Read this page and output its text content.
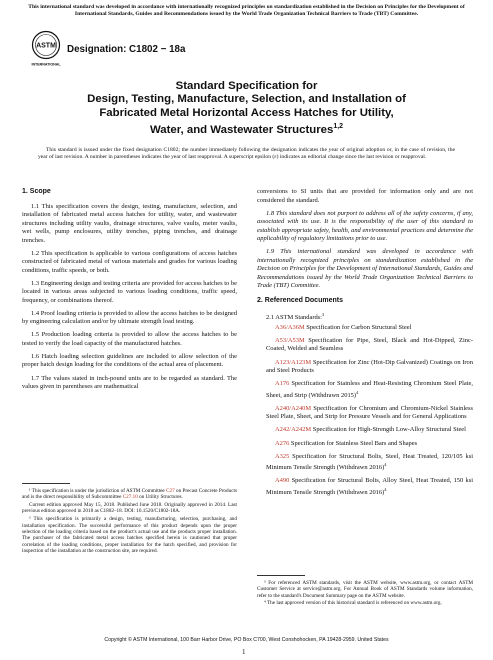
This international standard was developed in accordance with internationally recognized principles on standardization established in the Decision on Principles for the Development of International Standards, Guides and Recommendations issued by the World Trade Organization Technical Barriers to Trade (TBT) Committee.
ASTM
INTERNATIONAL
Designation: C1802 − 18a
Standard Specification for
Design, Testing, Manufacture, Selection, and Installation of
Fabricated Metal Horizontal Access Hatches for Utility,
Water, and Wastewater Structures$^{1,2}$
This standard is issued under the fixed designation C1802; the number immediately following the designation indicates the year of original adoption or, in the case of revision, the year of last revision. A number in parentheses indicates the year of last reapproval. A superscript epsilon (ε) indicates an editorial change since the last revision or reapproval.

1. Scope

1.1 This specification covers the design, testing, manufacture, selection, and installation of fabricated metal access hatches for utility, water, and wastewater structures including utility vaults, drainage structures, valve vaults, meter vaults, wet wells, pump enclosures, utility trenches, piping trenches, and drainage trenches.

1.2 This specification is applicable to various configurations of access hatches constructed of fabricated metal of various materials and grades for various loading conditions, traffic speeds, or both.

1.3 Engineering design and testing criteria are provided for access hatches to be located in various areas subjected to various loading conditions, traffic speed, frequency, or combinations thereof.

1.4 Proof loading criteria is provided to allow the access hatches to be designed by engineering calculation and/or by ultimate strength load testing.

1.5 Production loading criteria is provided to allow the access hatches to be tested to verify the load capacity of the manufactured hatches.

1.6 Hatch loading selection guidelines are included to allow selection of the proper hatch design loading for the conditions of the actual area of placement.

1.7 The values stated in inch-pound units are to be regarded as standard. The values given in parentheses are mathematical

conversions to SI units that are provided for information only and are not considered the standard.

1.8 This standard does not purport to address all of the safety concerns, if any, associated with its use. It is the responsibility of the user of this standard to establish appropriate safety, health, and environmental practices and determine the applicability of regulatory limitations prior to use.

1.9 This international standard was developed in accordance with internationally recognized principles on standardization established in the Decision on Principles for the Development of International Standards, Guides and Recommendations issued by the World Trade Organization Technical Barriers to Trade (TBT) Committee.

2. Referenced Documents

2.1 ASTM Standards:$^3$

A36/A36M Specification for Carbon Structural Steel

A53/A53M Specification for Pipe, Steel, Black and Hot-Dipped, Zinc-Coated, Welded and Seamless

A123/A123M Specification for Zinc (Hot-Dip Galvanized) Coatings on Iron and Steel Products

A176 Specification for Stainless and Heat-Resisting Chromium Steel Plate, Sheet, and Strip (Withdrawn 2015)$^4$

A240/A240M Specification for Chromium and Chromium-Nickel Stainless Steel Plate, Sheet, and Strip for Pressure Vessels and for General Applications

A242/A242M Specification for High-Strength Low-Alloy Structural Steel

A276 Specification for Stainless Steel Bars and Shapes

A325 Specification for Structural Bolts, Steel, Heat Treated, 120/105 ksi Minimum Tensile Strength (Withdrawn 2016)$^4$

A490 Specification for Structural Bolts, Alloy Steel, Heat Treated, 150 ksi Minimum Tensile Strength (Withdrawn 2016)$^4$

¹ This specification is under the jurisdiction of ASTM Committee C27 on Precast Concrete Products and is the direct responsibility of Subcommittee C27.10 on Utility Structures.

Current edition approved May 15, 2018. Published June 2018. Originally approved in 2014. Last previous edition approved in 2018 as C1802–18. DOI: 10.1520/C1802-18A.

² This specification is primarily a design, testing, manufacturing, selection, purchasing, and installation specification. The successful performance of this product depends upon the proper selection of the loading criteria based on the product's actual use and the products proper installation. The purchaser of the fabricated metal access hatches specified herein is cautioned that proper correlation of the loading conditions, proper installation for the hatch specified, and provision for inspection of the installation at the construction site, are required.

³ For referenced ASTM standards, visit the ASTM website, www.astm.org, or contact ASTM Customer Service at service@astm.org. For Annual Book of ASTM Standards volume information, refer to the standard's Document Summary page on the ASTM website.

⁴ The last approved version of this historical standard is referenced on www.astm.org.

Copyright © ASTM International, 100 Barr Harbor Drive, PO Box C700, West Conshohocken, PA 19428-2959. United States
1
